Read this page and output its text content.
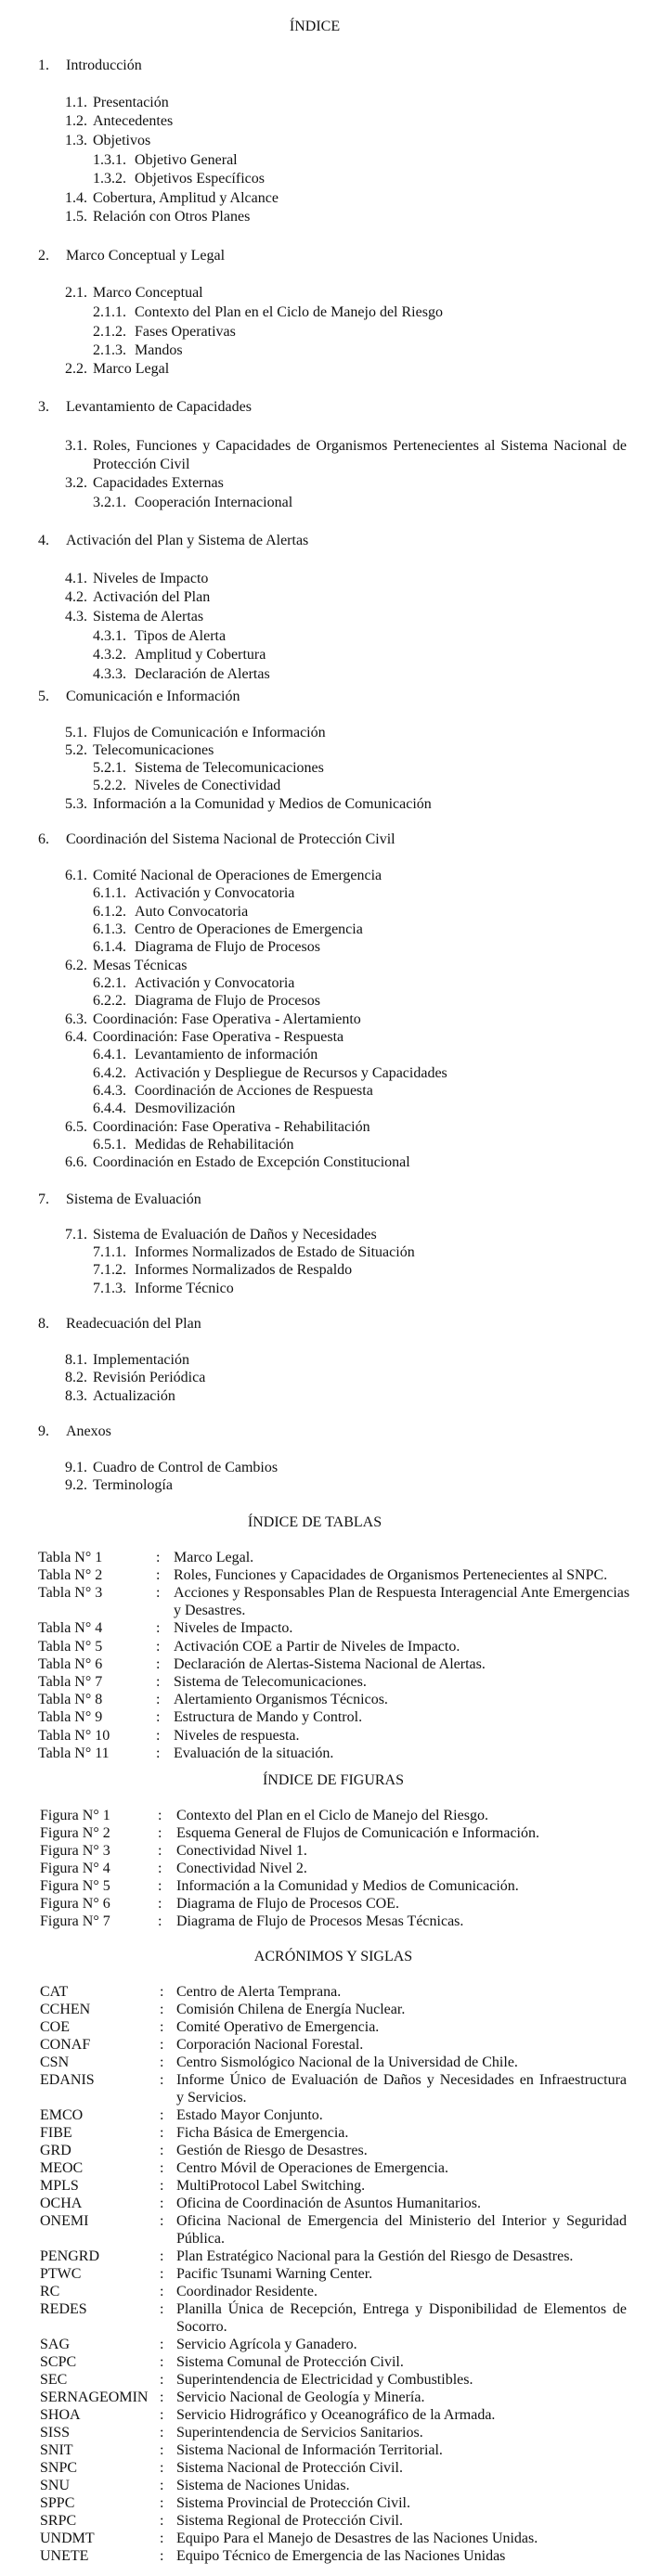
ÍNDICE
1. Introducción
1.1. Presentación
1.2. Antecedentes
1.3. Objetivos
1.3.1. Objetivo General
1.3.2. Objetivos Específicos
1.4. Cobertura, Amplitud y Alcance
1.5. Relación con Otros Planes
2. Marco Conceptual y Legal
2.1. Marco Conceptual
2.1.1. Contexto del Plan en el Ciclo de Manejo del Riesgo
2.1.2. Fases Operativas
2.1.3. Mandos
2.2. Marco Legal
3. Levantamiento de Capacidades
3.1. Roles, Funciones y Capacidades de Organismos Pertenecientes al Sistema Nacional de
Protección Civil
3.2. Capacidades Externas
3.2.1. Cooperación Internacional
4. Activación del Plan y Sistema de Alertas
4.1. Niveles de Impacto
4.2. Activación del Plan
4.3. Sistema de Alertas
4.3.1. Tipos de Alerta
4.3.2. Amplitud y Cobertura
4.3.3. Declaración de Alertas
5. Comunicación e Información
5.1. Flujos de Comunicación e Información
5.2. Telecomunicaciones
5.2.1. Sistema de Telecomunicaciones
5.2.2. Niveles de Conectividad
5.3. Información a la Comunidad y Medios de Comunicación
6. Coordinación del Sistema Nacional de Protección Civil
6.1. Comité Nacional de Operaciones de Emergencia
6.1.1. Activación y Convocatoria
6.1.2. Auto Convocatoria
6.1.3. Centro de Operaciones de Emergencia
6.1.4. Diagrama de Flujo de Procesos
6.2. Mesas Técnicas
6.2.1. Activación y Convocatoria
6.2.2. Diagrama de Flujo de Procesos
6.3. Coordinación: Fase Operativa - Alertamiento
6.4. Coordinación: Fase Operativa - Respuesta
6.4.1. Levantamiento de información
6.4.2. Activación y Despliegue de Recursos y Capacidades
6.4.3. Coordinación de Acciones de Respuesta
6.4.4. Desmovilización
6.5. Coordinación: Fase Operativa - Rehabilitación
6.5.1. Medidas de Rehabilitación
6.6. Coordinación en Estado de Excepción Constitucional
7. Sistema de Evaluación
7.1. Sistema de Evaluación de Daños y Necesidades
7.1.1. Informes Normalizados de Estado de Situación
7.1.2. Informes Normalizados de Respaldo
7.1.3. Informe Técnico
8. Readecuación del Plan
8.1. Implementación
8.2. Revisión Periódica
8.3. Actualización
9. Anexos
9.1. Cuadro de Control de Cambios
9.2. Terminología
ÍNDICE DE TABLAS
Tabla N° 1	: Marco Legal.
Tabla N° 2	: Roles, Funciones y Capacidades de Organismos Pertenecientes al SNPC.
Tabla N° 3	: Acciones y Responsables Plan de Respuesta Interagencial Ante Emergencias
y Desastres.
Tabla N° 4	: Niveles de Impacto.
Tabla N° 5	: Activación COE a Partir de Niveles de Impacto.
Tabla N° 6	: Declaración de Alertas-Sistema Nacional de Alertas.
Tabla N° 7	: Sistema de Telecomunicaciones.
Tabla N° 8	: Alertamiento Organismos Técnicos.
Tabla N° 9	: Estructura de Mando y Control.
Tabla N° 10	: Niveles de respuesta.
Tabla N° 11	: Evaluación de la situación.
ÍNDICE DE FIGURAS
Figura N° 1	: Contexto del Plan en el Ciclo de Manejo del Riesgo.
Figura N° 2	: Esquema General de Flujos de Comunicación e Información.
Figura N° 3	: Conectividad Nivel 1.
Figura N° 4	: Conectividad Nivel 2.
Figura N° 5	: Información a la Comunidad y Medios de Comunicación.
Figura N° 6	: Diagrama de Flujo de Procesos COE.
Figura N° 7	: Diagrama de Flujo de Procesos Mesas Técnicas.
ACRÓNIMOS Y SIGLAS
CAT	: Centro de Alerta Temprana.
CCHEN	: Comisión Chilena de Energía Nuclear.
COE	: Comité Operativo de Emergencia.
CONAF	: Corporación Nacional Forestal.
CSN	: Centro Sismológico Nacional de la Universidad de Chile.
EDANIS	: Informe Único de Evaluación de Daños y Necesidades en Infraestructura
y Servicios.
EMCO	: Estado Mayor Conjunto.
FIBE	: Ficha Básica de Emergencia.
GRD	: Gestión de Riesgo de Desastres.
MEOC	: Centro Móvil de Operaciones de Emergencia.
MPLS	: MultiProtocol Label Switching.
OCHA	: Oficina de Coordinación de Asuntos Humanitarios.
ONEMI	: Oficina Nacional de Emergencia del Ministerio del Interior y Seguridad
Pública.
PENGRD	: Plan Estratégico Nacional para la Gestión del Riesgo de Desastres.
PTWC	: Pacific Tsunami Warning Center.
RC	: Coordinador Residente.
REDES	: Planilla Única de Recepción, Entrega y Disponibilidad de Elementos de
Socorro.
SAG	: Servicio Agrícola y Ganadero.
SCPC	: Sistema Comunal de Protección Civil.
SEC	: Superintendencia de Electricidad y Combustibles.
SERNAGEOMIN : Servicio Nacional de Geología y Minería.
SHOA	: Servicio Hidrográfico y Oceanográfico de la Armada.
SISS	: Superintendencia de Servicios Sanitarios.
SNIT	: Sistema Nacional de Información Territorial.
SNPC	: Sistema Nacional de Protección Civil.
SNU	: Sistema de Naciones Unidas.
SPPC	: Sistema Provincial de Protección Civil.
SRPC	: Sistema Regional de Protección Civil.
UNDMT	: Equipo Para el Manejo de Desastres de las Naciones Unidas.
UNETE	: Equipo Técnico de Emergencia de las Naciones Unidas
